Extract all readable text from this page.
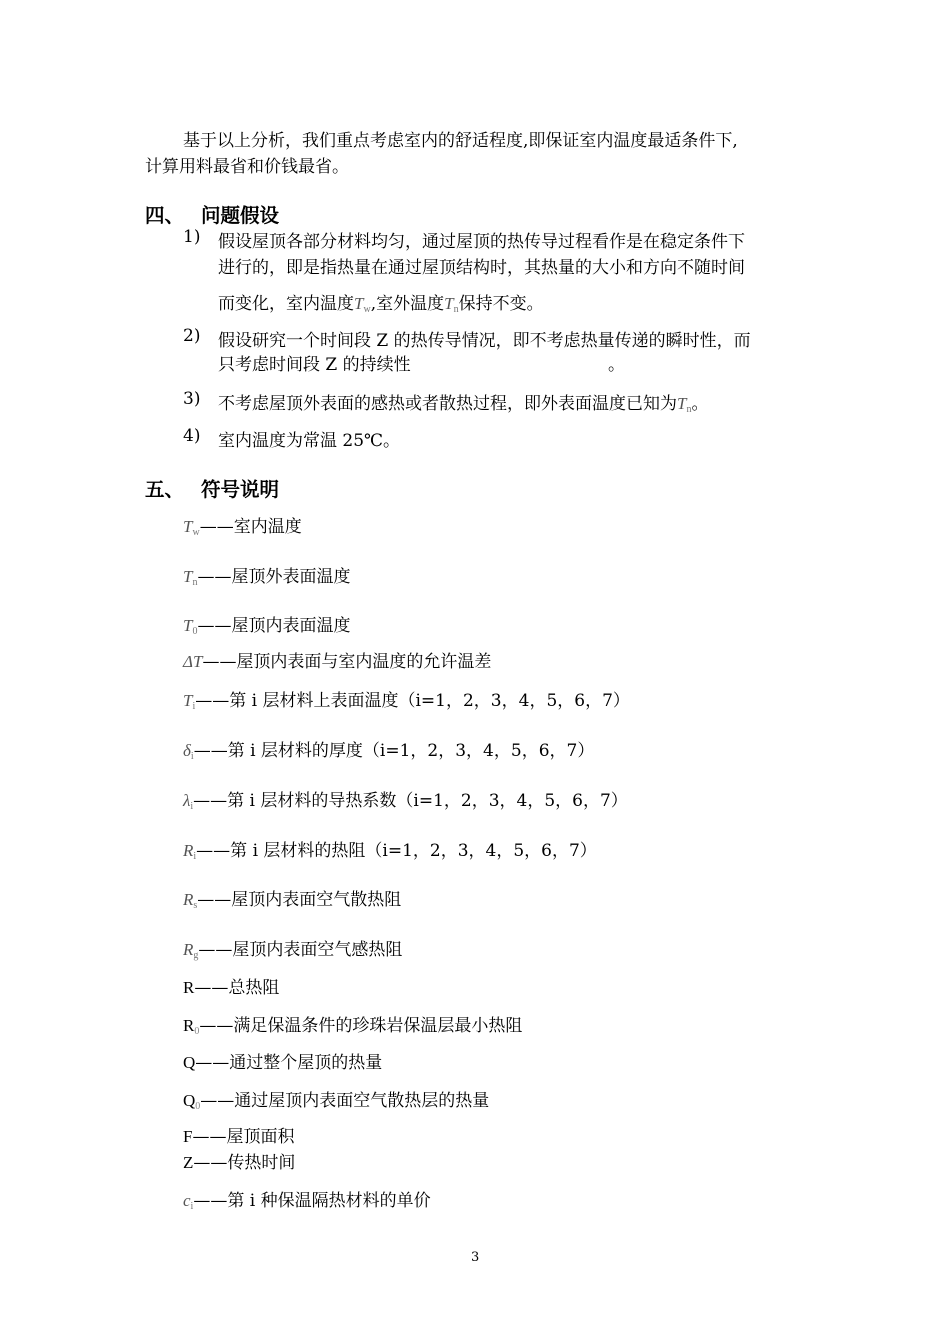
基于以上分析，我们重点考虑室内的舒适程度,即保证室内温度最适条件下,
计算用料最省和价钱最省。
四、 问题假设
1) 假设屋顶各部分材料均匀，通过屋顶的热传导过程看作是在稳定条件下
进行的，即是指热量在通过屋顶结构时，其热量的大小和方向不随时间
而变化，室内温度$T_w$,室外温度$T_n$保持不变。
2) 假设研究一个时间段 Z 的热传导情况，即不考虑热量传递的瞬时性，而
只考虑时间段 Z 的持续性	。
3) 不考虑屋顶外表面的感热或者散热过程，即外表面温度已知为$T_n$。
4) 室内温度为常温 25℃。
五、 符号说明
$T_w——$室内温度
$T_n——$屋顶外表面温度
$T_0——$屋顶内表面温度
ΔT——屋顶内表面与室内温度的允许温差
$T_i——$第 i 层材料上表面温度（i=1，2，3，4，5，6，7）
$\delta_i——$第 i 层材料的厚度（i=1，2，3，4，5，6，7）
$\lambda_i——$第 i 层材料的导热系数（i=1，2，3，4，5，6，7）
$R_i——$第 i 层材料的热阻（i=1，2，3，4，5，6，7）
$R_s——$屋顶内表面空气散热阻
$R_g——$屋顶内表面空气感热阻
R——总热阻
R0——满足保温条件的珍珠岩保温层最小热阻
Q——通过整个屋顶的热量
Q0——通过屋顶内表面空气散热层的热量
F——屋顶面积
Z——传热时间
$c_i——$第 i 种保温隔热材料的单价
3
